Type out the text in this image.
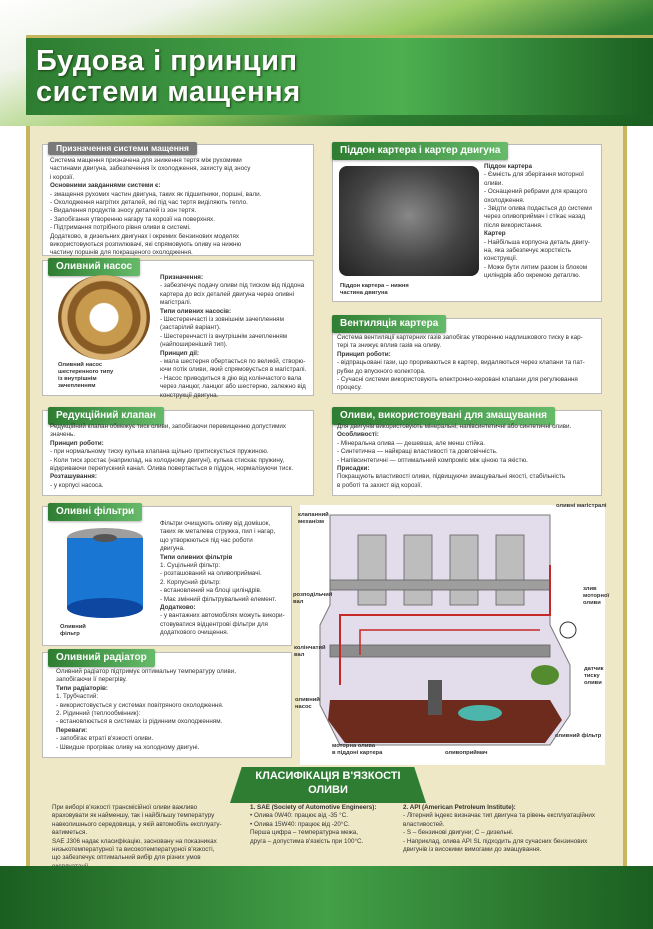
Будова і принцип
системи мащення
Призначення системи мащення
Система мащення призначена для зниження тертя між рухомими
частинами двигуна, забезпечення їх охолодження, захисту від зносу
і корозії.
Основними завданнями системи є:
- змащення рухомих частин двигуна, таких як підшипники, поршні, вали.
- Охолодження нагрітих деталей, які під час тертя виділяють тепло.
- Видалення продуктів зносу деталей із зон тертя.
- Запобігання утворенню нагару та корозії на поверхнях.
- Підтримання потрібного рівня оливи в системі.
Додатково, в дизельних двигунах і окремих бензинових моделях
використовуються розпилювачі, які спрямовують оливу на нижню
частину поршнів для покращеного охолодження.
Піддон картера і картер двигуна
Піддон картера – нижня
частина двигуна
Піддон картера
- Ємність для зберігання моторної
оливи.
- Оснащений ребрами для кращого
охолодження.
- Звідти олива подається до системи
через оливоприймач і стікає назад
після використання.
Картер
- Найбільша корпусна деталь двигу-
на, яка забезпечує жорсткість
конструкції.
- Може бути литим разом із блоком
циліндрів або окремою деталлю.
Оливний насос
Оливний насос
шестеренного типу
із внутрішнім
зачепленням
Призначення:
- забезпечує подачу оливи під тиском від піддона
картера до всіх деталей двигуна через оливні
магістралі.
Типи оливних насосів:
- Шестеренчасті із зовнішнім зачепленням
(застарілий варіант).
- Шестеренчасті із внутрішнім зачепленням
(найпоширеніший тип).
Принцип дії:
- мала шестерня обертається по великій, створю-
ючи потік оливи, який спрямовується в магістралі.
- Насос приводиться в дію від колінчастого вала
через ланцюг, ланцюг або шестерню, залежно від
конструкції двигуна.
Вентиляція картера
Система вентиляції картерних газів запобігає утворенню надлишкового тиску в кар-
тері та знижує вплив газів на оливу.
Принцип роботи:
- відпрацьовані гази, що прориваються в картер, видаляються через клапани та пат-
рубки до впускного колектора.
- Сучасні системи використовують електронно-керовані клапани для регулювання
процесу.
Редукційний клапан
Редукційний клапан обмежує тиск оливи, запобігаючи перевищенню допустимих
значень.
Принцип роботи:
- при нормальному тиску кулька клапана щільно притискується пружиною.
- Коли тиск зростає (наприклад, на холодному двигуні), кулька стискає пружину,
відкриваючи перепускний канал. Олива повертається в піддон, нормалізуючи тиск.
Розташування:
- у корпусі насоса.
Оливи, використовувані для змащування
Для двигунів використовують мінеральні, напівсинтетичні або синтетичні оливи.
Особливості:
- Мінеральна олива — дешевша, але менш стійка.
- Синтетична — найкращі властивості та довговічність.
- Напівсинтетичні — оптимальний компроміс між ціною та якістю.
Присадки:
Покращують властивості оливи, підвищуючи змащувальні якості, стабільність
в роботі та захист від корозії.
Оливні фільтри
Оливний
фільтр
Фільтри очищують оливу від домішок,
таких як металева стружка, пил і нагар,
що утворюються під час роботи
двигуна.
Типи оливних фільтрів
1. Суцільний фільтр:
- розташований на оливоприймачі.
2. Корпусний фільтр:
- встановлений на блоці циліндрів.
- Має змінний фільтрувальний елемент.
Додатково:
- у вантажних автомобілях можуть викори-
стовуватися відцентрові фільтри для
додаткового очищення.
Оливний радіатор
Оливний радіатор підтримує оптимальну температуру оливи,
запобігаючи її перегріву.
Типи радіаторів:
1. Трубчастий:
- використовується у системах повітряного охолодження.
2. Рідинний (теплообмінник):
- встановлюється в системах із рідинним охолодженням.
Переваги:
- запобігає втраті в'язкості оливи.
- Швидше прогріває оливу на холодному двигуні.
клапанний
механізм
розподільчий
вал
колінчатий
вал
оливний
насос
моторна олива
в піддоні картера	оливоприймач
оливний фільтр
оливні магістралі
злив
моторної
оливи
датчик
тиску
оливи
КЛАСИФІКАЦІЯ В'ЯЗКОСТІ
ОЛИВИ
При виборі в'язкості трансмісійної оливи важливо
враховувати як найменшу, так і найбільшу температуру
навколишнього середовища, у якій автомобіль експлуату-
ватиметься.
SAE J306 надає класифікацію, засновану на показниках
низькотемпературної та високотемпературної в'язкості,
що забезпечує оптимальний вибір для різних умов
1. SAE (Society of Automotive Engineers):
• Олива 0W40: працює від -35 °C.
• Олива 15W40: працює від -20°C.
Перша цифра – температурна межа,
друга – допустима в'язкість при 100°C.
2. API (American Petroleum Institute):
- Літерний індекс визначає тип двигуна та рівень експлуатаційних
властивостей.
- S – бензинові двигуни; C – дизельні.
- Наприклад, олива API SL підходить для сучасних бензинових
двигунів із високими вимогами до змащування.
